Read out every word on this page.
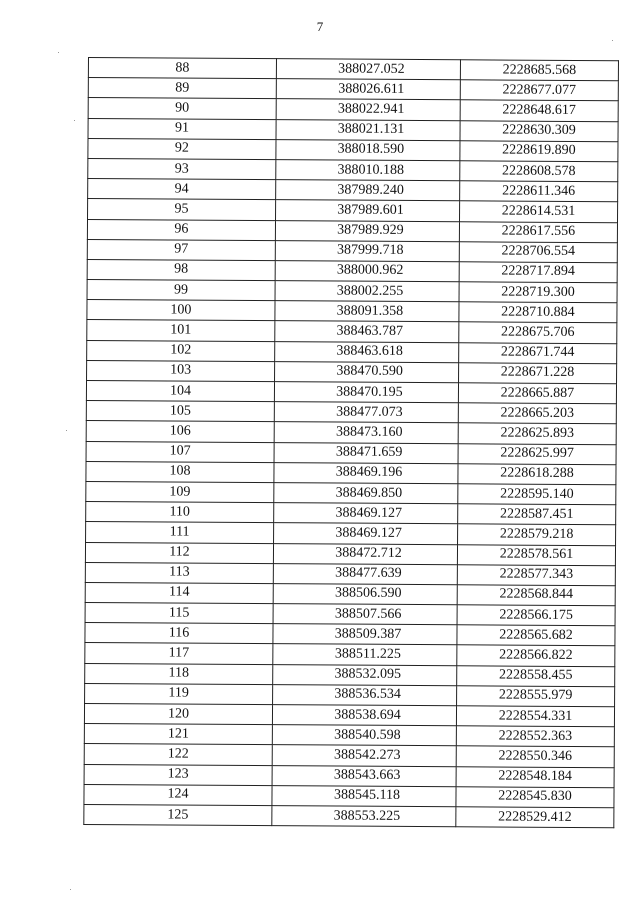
7
88	388027.052	2228685.568
89	388026.611	2228677.077
90	388022.941	2228648.617
91	388021.131	2228630.309
92	388018.590	2228619.890
93	388010.188	2228608.578
94	387989.240	2228611.346
95	387989.601	2228614.531
96	387989.929	2228617.556
97	387999.718	2228706.554
98	388000.962	2228717.894
99	388002.255	2228719.300
100	388091.358	2228710.884
101	388463.787	2228675.706
102	388463.618	2228671.744
103	388470.590	2228671.228
104	388470.195	2228665.887
105	388477.073	2228665.203
106	388473.160	2228625.893
107	388471.659	2228625.997
108	388469.196	2228618.288
109	388469.850	2228595.140
110	388469.127	2228587.451
111	388469.127	2228579.218
112	388472.712	2228578.561
113	388477.639	2228577.343
114	388506.590	2228568.844
115	388507.566	2228566.175
116	388509.387	2228565.682
117	388511.225	2228566.822
118	388532.095	2228558.455
119	388536.534	2228555.979
120	388538.694	2228554.331
121	388540.598	2228552.363
122	388542.273	2228550.346
123	388543.663	2228548.184
124	388545.118	2228545.830
125	388553.225	2228529.412
